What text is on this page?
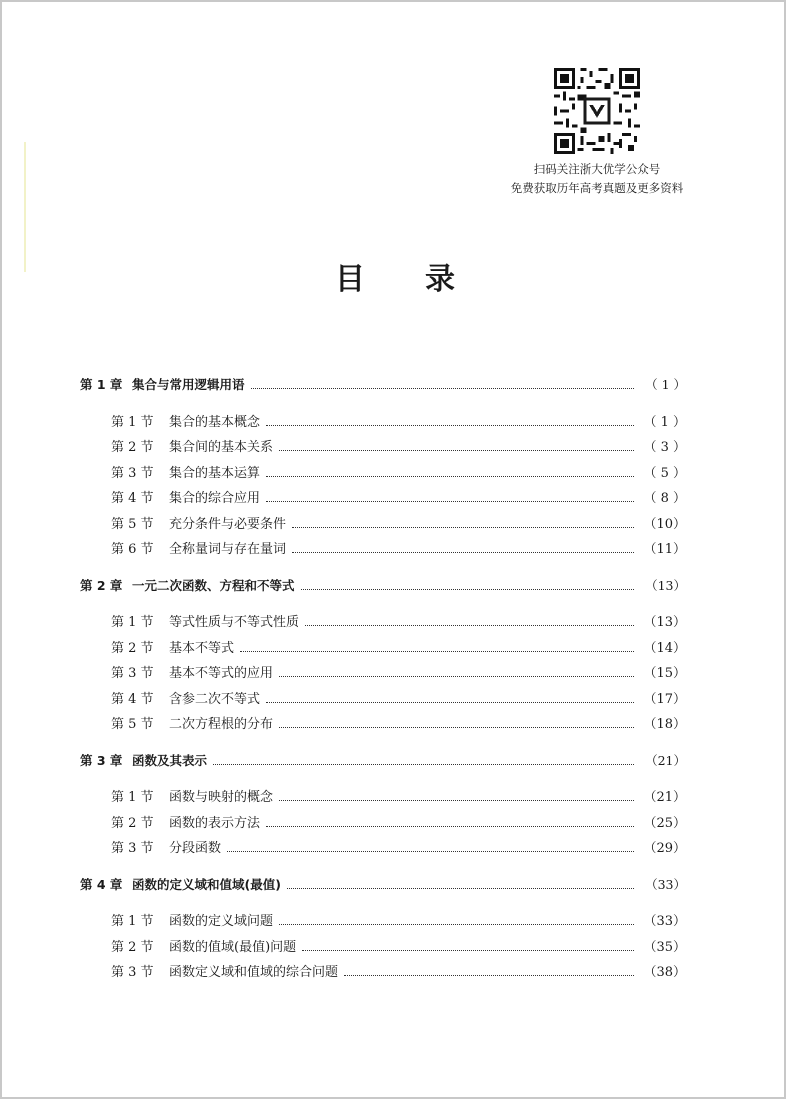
扫码关注浙大优学公众号
免费获取历年高考真题及更多资料
目录
第 1 章 集合与常用逻辑用语	（ 1 ）
第 1 节	集合的基本概念	（ 1 ）
第 2 节	集合间的基本关系	（ 3 ）
第 3 节	集合的基本运算	（ 5 ）
第 4 节	集合的综合应用	（ 8 ）
第 5 节	充分条件与必要条件	（10）
第 6 节	全称量词与存在量词	（11）
第 2 章 一元二次函数、方程和不等式	（13）
第 1 节	等式性质与不等式性质	（13）
第 2 节	基本不等式	（14）
第 3 节	基本不等式的应用	（15）
第 4 节	含参二次不等式	（17）
第 5 节	二次方程根的分布	（18）
第 3 章 函数及其表示	（21）
第 1 节	函数与映射的概念	（21）
第 2 节	函数的表示方法	（25）
第 3 节	分段函数	（29）
第 4 章 函数的定义域和值域(最值)	（33）
第 1 节	函数的定义域问题	（33）
第 2 节	函数的值域(最值)问题	（35）
第 3 节	函数定义域和值域的综合问题	（38）
